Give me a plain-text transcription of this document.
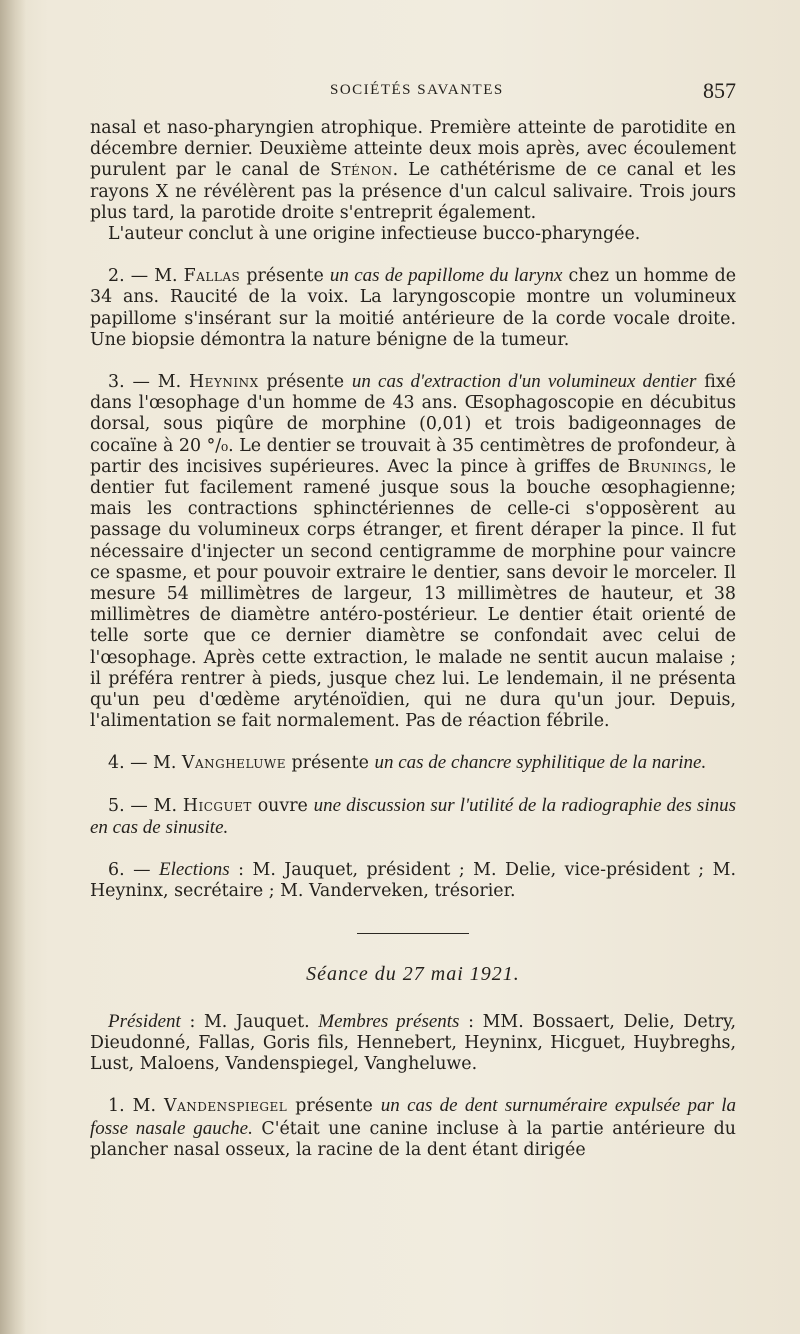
SOCIÉTÉS SAVANTES	857

nasal et naso-pharyngien atrophique. Première atteinte de parotidite en décembre dernier. Deuxième atteinte deux mois après, avec écoulement purulent par le canal de Sténon. Le cathétérisme de ce canal et les rayons X ne révélèrent pas la présence d'un calcul salivaire. Trois jours plus tard, la parotide droite s'entreprit également.

L'auteur conclut à une origine infectieuse bucco-pharyngée.

2. — M. Fallas présente un cas de papillome du larynx chez un homme de 34 ans. Raucité de la voix. La laryngoscopie montre un volumineux papillome s'insérant sur la moitié antérieure de la corde vocale droite. Une biopsie démontra la nature bénigne de la tumeur.

3. — M. Heyninx présente un cas d'extraction d'un volumineux dentier fixé dans l'œsophage d'un homme de 43 ans. Œsophagoscopie en décubitus dorsal, sous piqûre de morphine (0,01) et trois badigeonnages de cocaïne à 20 °/₀. Le dentier se trouvait à 35 centimètres de profondeur, à partir des incisives supérieures. Avec la pince à griffes de Brunings, le dentier fut facilement ramené jusque sous la bouche œsophagienne; mais les contractions sphinctériennes de celle-ci s'opposèrent au passage du volumineux corps étranger, et firent déraper la pince. Il fut nécessaire d'injecter un second centigramme de morphine pour vaincre ce spasme, et pour pouvoir extraire le dentier, sans devoir le morceler. Il mesure 54 millimètres de largeur, 13 millimètres de hauteur, et 38 millimètres de diamètre antéro-postérieur. Le dentier était orienté de telle sorte que ce dernier diamètre se confondait avec celui de l'œsophage. Après cette extraction, le malade ne sentit aucun malaise ; il préféra rentrer à pieds, jusque chez lui. Le lendemain, il ne présenta qu'un peu d'œdème aryténoïdien, qui ne dura qu'un jour. Depuis, l'alimentation se fait normalement. Pas de réaction fébrile.

4. — M. Vangheluwe présente un cas de chancre syphilitique de la narine.

5. — M. Hicguet ouvre une discussion sur l'utilité de la radiographie des sinus en cas de sinusite.

6. — Elections : M. Jauquet, président ; M. Delie, vice-président ; M. Heyninx, secrétaire ; M. Vanderveken, trésorier.

Séance du 27 mai 1921.

Président : M. Jauquet. Membres présents : MM. Bossaert, Delie, Detry, Dieudonné, Fallas, Goris fils, Hennebert, Heyninx, Hicguet, Huybreghs, Lust, Maloens, Vandenspiegel, Vangheluwe.

1. M. Vandenspiegel présente un cas de dent surnuméraire expulsée par la fosse nasale gauche. C'était une canine incluse à la partie antérieure du plancher nasal osseux, la racine de la dent étant dirigée
